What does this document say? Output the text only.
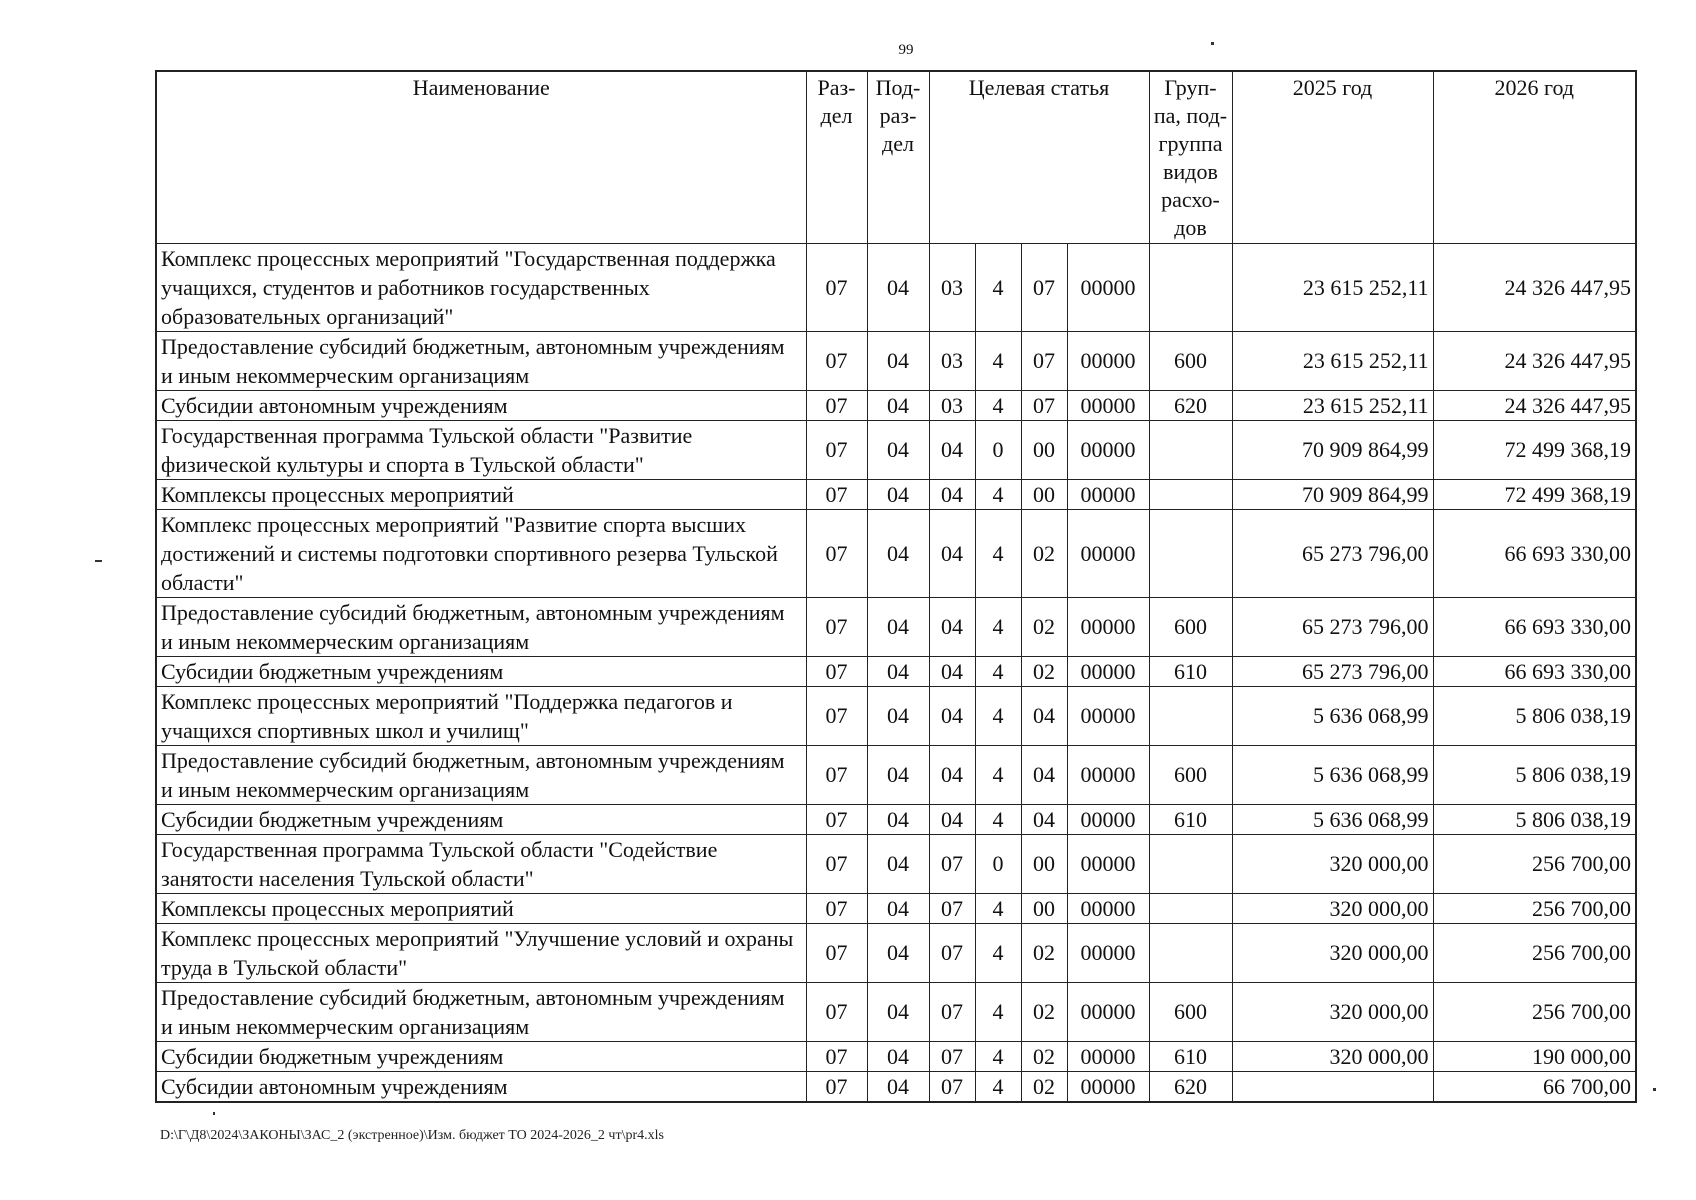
99
Наименование	Раз-дел	Под-раз-дел	Целевая статья				Груп-па, под-группа видов расхо-дов	2025 год	2026 год
Комплекс процессных мероприятий "Государственная поддержка учащихся, студентов и работников государственных образовательных организаций"	07	04	03	4	07	00000		23 615 252,11	24 326 447,95
Предоставление субсидий бюджетным, автономным учреждениям и иным некоммерческим организациям	07	04	03	4	07	00000	600	23 615 252,11	24 326 447,95
Субсидии автономным учреждениям	07	04	03	4	07	00000	620	23 615 252,11	24 326 447,95
Государственная программа Тульской области "Развитие физической культуры и спорта в Тульской области"	07	04	04	0	00	00000		70 909 864,99	72 499 368,19
Комплексы процессных мероприятий	07	04	04	4	00	00000		70 909 864,99	72 499 368,19
Комплекс процессных мероприятий "Развитие спорта высших достижений и системы подготовки спортивного резерва Тульской области"	07	04	04	4	02	00000		65 273 796,00	66 693 330,00
Предоставление субсидий бюджетным, автономным учреждениям и иным некоммерческим организациям	07	04	04	4	02	00000	600	65 273 796,00	66 693 330,00
Субсидии бюджетным учреждениям	07	04	04	4	02	00000	610	65 273 796,00	66 693 330,00
Комплекс процессных мероприятий "Поддержка педагогов и учащихся спортивных школ и училищ"	07	04	04	4	04	00000		5 636 068,99	5 806 038,19
Предоставление субсидий бюджетным, автономным учреждениям и иным некоммерческим организациям	07	04	04	4	04	00000	600	5 636 068,99	5 806 038,19
Субсидии бюджетным учреждениям	07	04	04	4	04	00000	610	5 636 068,99	5 806 038,19
Государственная программа Тульской области "Содействие занятости населения Тульской области"	07	04	07	0	00	00000		320 000,00	256 700,00
Комплексы процессных мероприятий	07	04	07	4	00	00000		320 000,00	256 700,00
Комплекс процессных мероприятий "Улучшение условий и охраны труда в Тульской области"	07	04	07	4	02	00000		320 000,00	256 700,00
Предоставление субсидий бюджетным, автономным учреждениям и иным некоммерческим организациям	07	04	07	4	02	00000	600	320 000,00	256 700,00
Субсидии бюджетным учреждениям	07	04	07	4	02	00000	610	320 000,00	190 000,00
Субсидии автономным учреждениям	07	04	07	4	02	00000	620		66 700,00
D:\Г\Д8\2024\ЗАКОНЫ\ЗАС_2 (экстренное)\Изм. бюджет ТО 2024-2026_2 чт\pr4.xls
